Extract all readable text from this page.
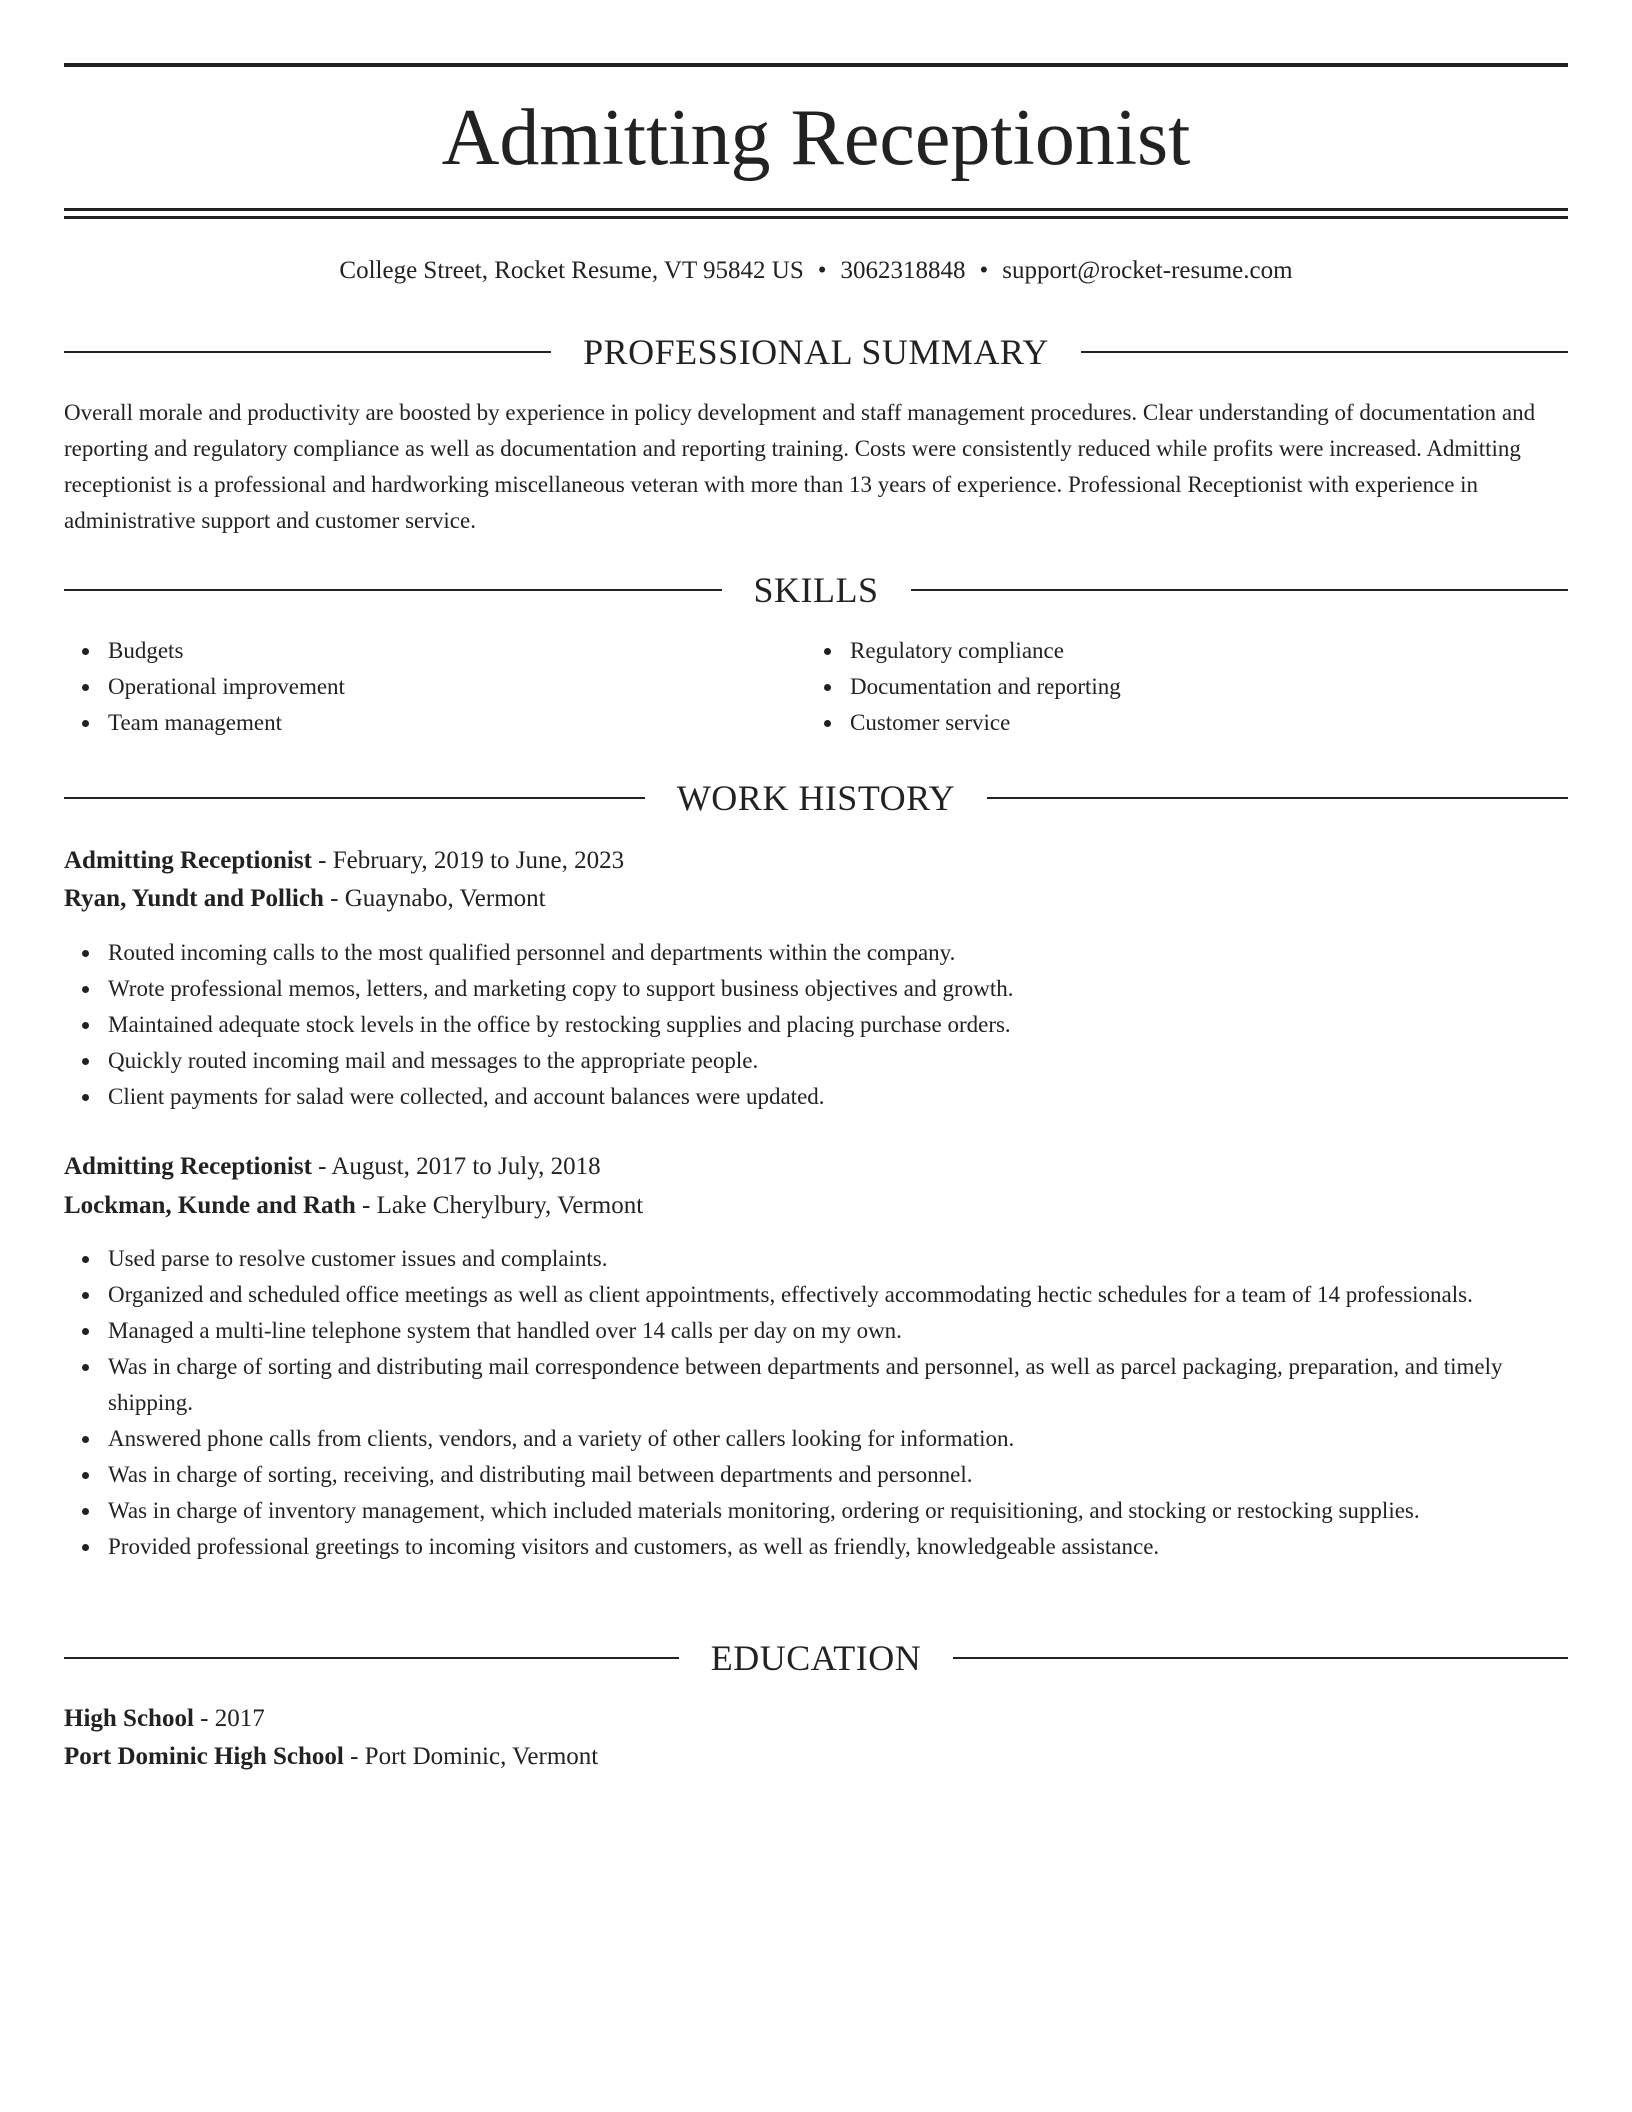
Admitting Receptionist
College Street, Rocket Resume, VT 95842 US • 3062318848 • support@rocket-resume.com
PROFESSIONAL SUMMARY

Overall morale and productivity are boosted by experience in policy development and staff management procedures. Clear understanding of documentation and reporting and regulatory compliance as well as documentation and reporting training. Costs were consistently reduced while profits were increased. Admitting receptionist is a professional and hardworking miscellaneous veteran with more than 13 years of experience. Professional Receptionist with experience in administrative support and customer service.

SKILLS
Budgets
Operational improvement
Team management
Regulatory compliance
Documentation and reporting
Customer service
WORK HISTORY
Admitting Receptionist - February, 2019 to June, 2023
Ryan, Yundt and Pollich - Guaynabo, Vermont
Routed incoming calls to the most qualified personnel and departments within the company.
Wrote professional memos, letters, and marketing copy to support business objectives and growth.
Maintained adequate stock levels in the office by restocking supplies and placing purchase orders.
Quickly routed incoming mail and messages to the appropriate people.
Client payments for salad were collected, and account balances were updated.
Admitting Receptionist - August, 2017 to July, 2018
Lockman, Kunde and Rath - Lake Cherylbury, Vermont
Used parse to resolve customer issues and complaints.
Organized and scheduled office meetings as well as client appointments, effectively accommodating hectic schedules for a team of 14 professionals.
Managed a multi-line telephone system that handled over 14 calls per day on my own.
Was in charge of sorting and distributing mail correspondence between departments and personnel, as well as parcel packaging, preparation, and timely shipping.
Answered phone calls from clients, vendors, and a variety of other callers looking for information.
Was in charge of sorting, receiving, and distributing mail between departments and personnel.
Was in charge of inventory management, which included materials monitoring, ordering or requisitioning, and stocking or restocking supplies.
Provided professional greetings to incoming visitors and customers, as well as friendly, knowledgeable assistance.
EDUCATION
High School - 2017
Port Dominic High School - Port Dominic, Vermont
